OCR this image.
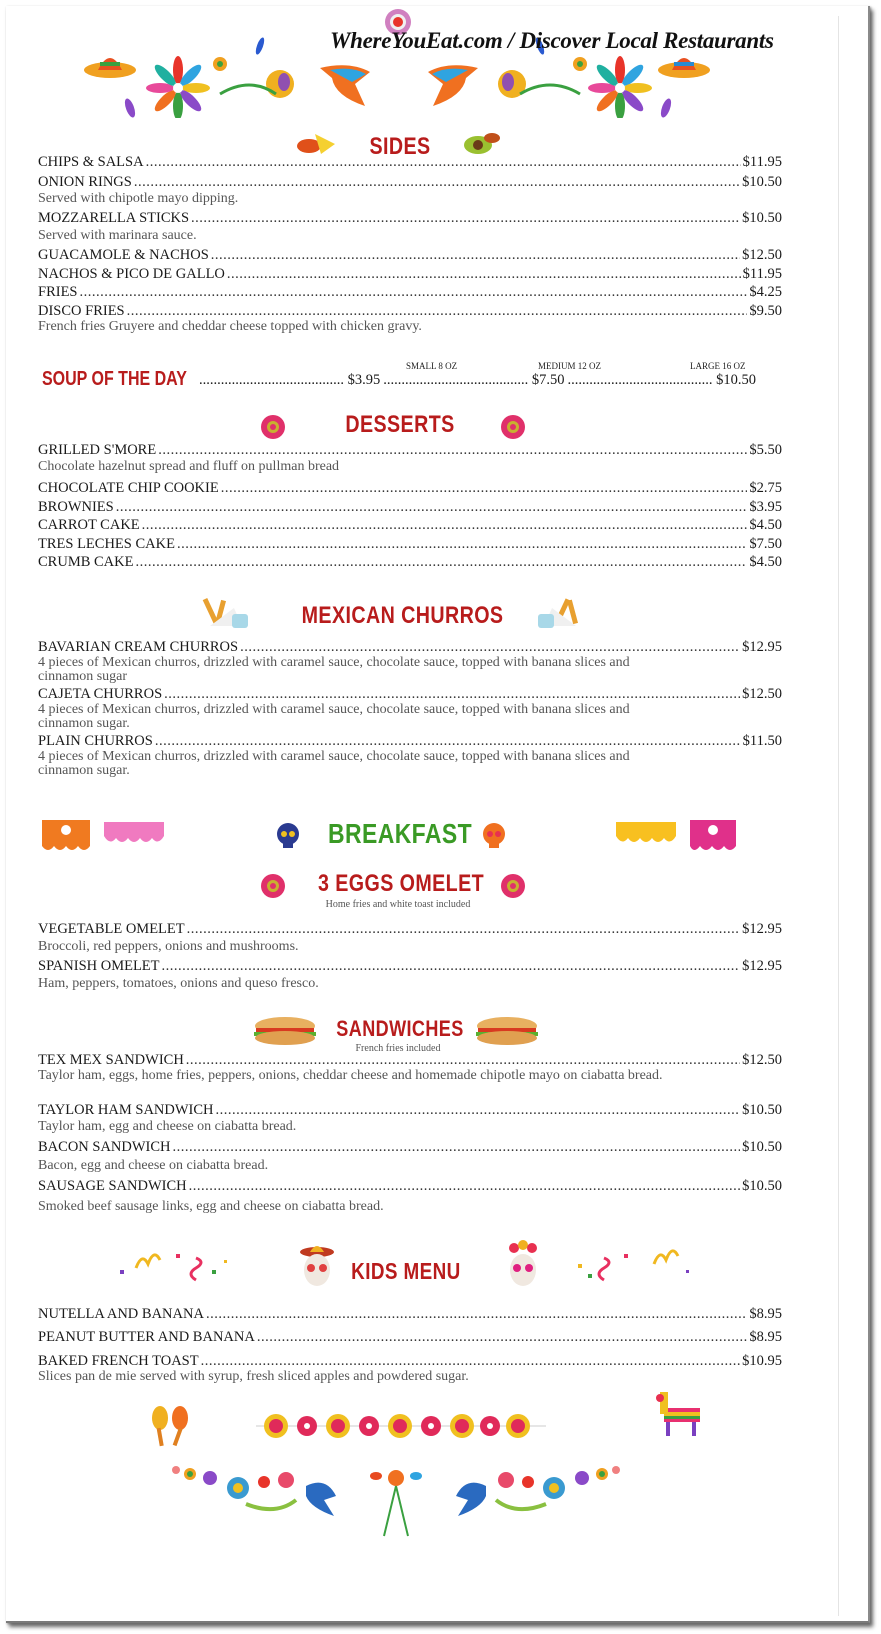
WhereYouEat.com / Discover Local Restaurants
SIDES
CHIPS & SALSA .....	$11.95
ONION RINGS .....	$10.50
Served with chipotle mayo dipping.
MOZZARELLA STICKS .....	$10.50
Served with marinara sauce.
GUACAMOLE & NACHOS .....	$12.50
NACHOS & PICO DE GALLO .....	$11.95
FRIES .....	$4.25
DISCO FRIES .....	$9.50
French fries Gruyere and cheddar cheese topped with chicken gravy.
SOUP OF THE DAY
SMALL 8 OZ	MEDIUM 12 OZ	LARGE 16 OZ
.....
$3.95 .....	$7.50 .....	$10.50
DESSERTS
GRILLED S'MORE .....	$5.50
Chocolate hazelnut spread and fluff on pullman bread
CHOCOLATE CHIP COOKIE .....	$2.75
BROWNIES .....	$3.95
CARROT CAKE .....	$4.50
TRES LECHES CAKE .....	$7.50
CRUMB CAKE .....	$4.50
MEXICAN CHURROS
BAVARIAN CREAM CHURROS .....	$12.95
4 pieces of Mexican churros, drizzled with caramel sauce, chocolate sauce, topped with banana slices and cinnamon sugar
CAJETA CHURROS .....	$12.50
4 pieces of Mexican churros, drizzled with caramel sauce, chocolate sauce, topped with banana slices and cinnamon sugar.
PLAIN CHURROS .....	$11.50
4 pieces of Mexican churros, drizzled with caramel sauce, chocolate sauce, topped with banana slices and cinnamon sugar.
BREAKFAST
3 EGGS OMELET
Home fries and white toast included
VEGETABLE OMELET .....	$12.95
Broccoli, red peppers, onions and mushrooms.
SPANISH OMELET .....	$12.95
Ham, peppers, tomatoes, onions and queso fresco.
SANDWICHES
French fries included
TEX MEX SANDWICH .....	$12.50
Taylor ham, eggs, home fries, peppers, onions, cheddar cheese and homemade chipotle mayo on ciabatta bread.
TAYLOR HAM SANDWICH .....	$10.50
Taylor ham, egg and cheese on ciabatta bread.
BACON SANDWICH .....	$10.50
Bacon, egg and cheese on ciabatta bread.
SAUSAGE SANDWICH .....	$10.50
Smoked beef sausage links, egg and cheese on ciabatta bread.
KIDS MENU
NUTELLA AND BANANA .....	$8.95
PEANUT BUTTER AND BANANA .....	$8.95
BAKED FRENCH TOAST .....	$10.95
Slices pan de mie served with syrup, fresh sliced apples and powdered sugar.
